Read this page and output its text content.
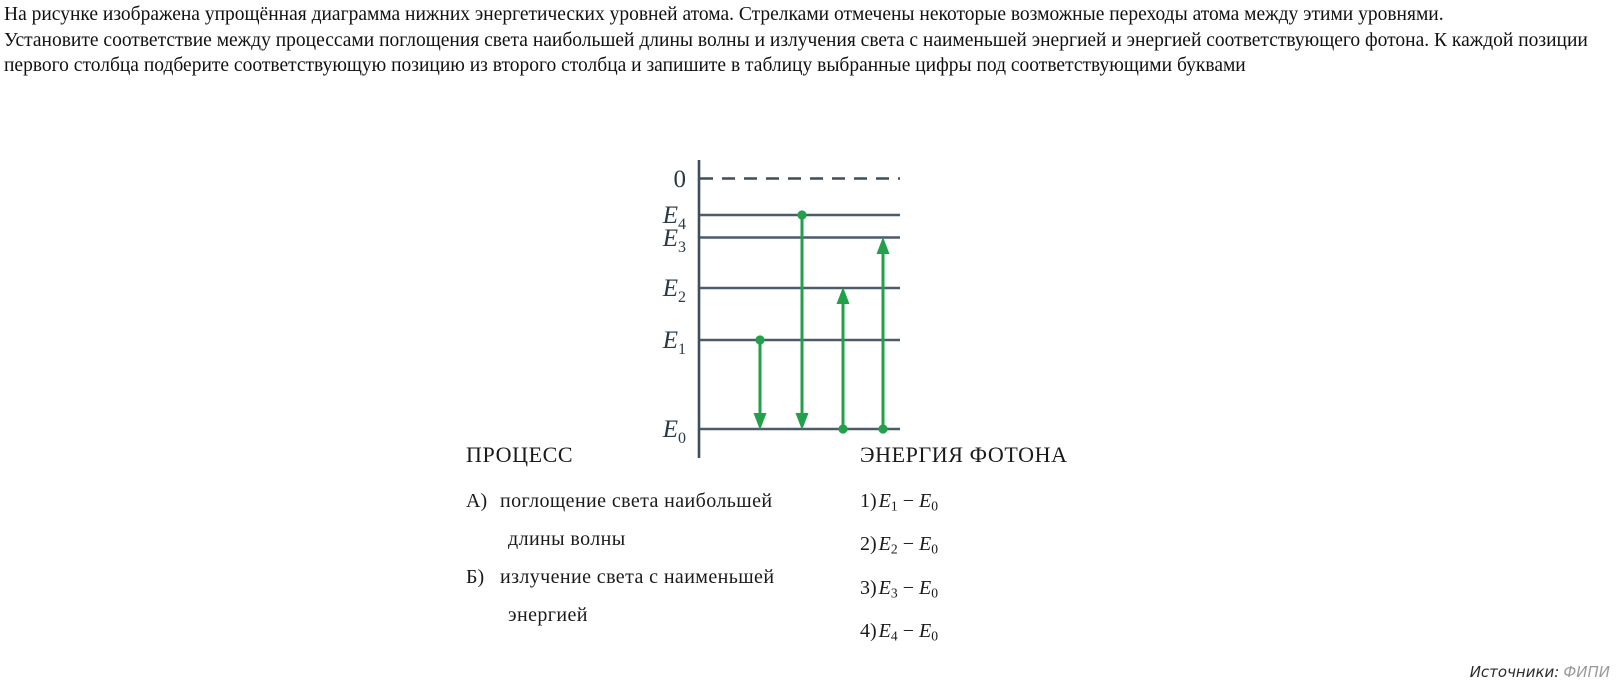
На рисунке изображена упрощённая диаграмма нижних энергетических уровней атома. Стрелками отмечены некоторые возможные переходы атома между этими уровнями.

Установите соответствие между процессами поглощения света наибольшей длины волны и излучения света с наименьшей энергией и энергией соответствующего фотона. К каждой позиции первого столбца подберите соответствующую позицию из второго столбца и запишите в таблицу выбранные цифры под соответствующими буквами

0
$E_4$
$E_3$
$E_2$
$E_1$
$E_0$
ПРОЦЕСС
А) поглощение света наибольшей
длины волны
Б) излучение света с наименьшей
энергией
ЭНЕРГИЯ ФОТОНА
1) $E_1 - E_0$
2) $E_2 - E_0$
3) $E_3 - E_0$
4) $E_4 - E_0$
Источники: ФИПИ
